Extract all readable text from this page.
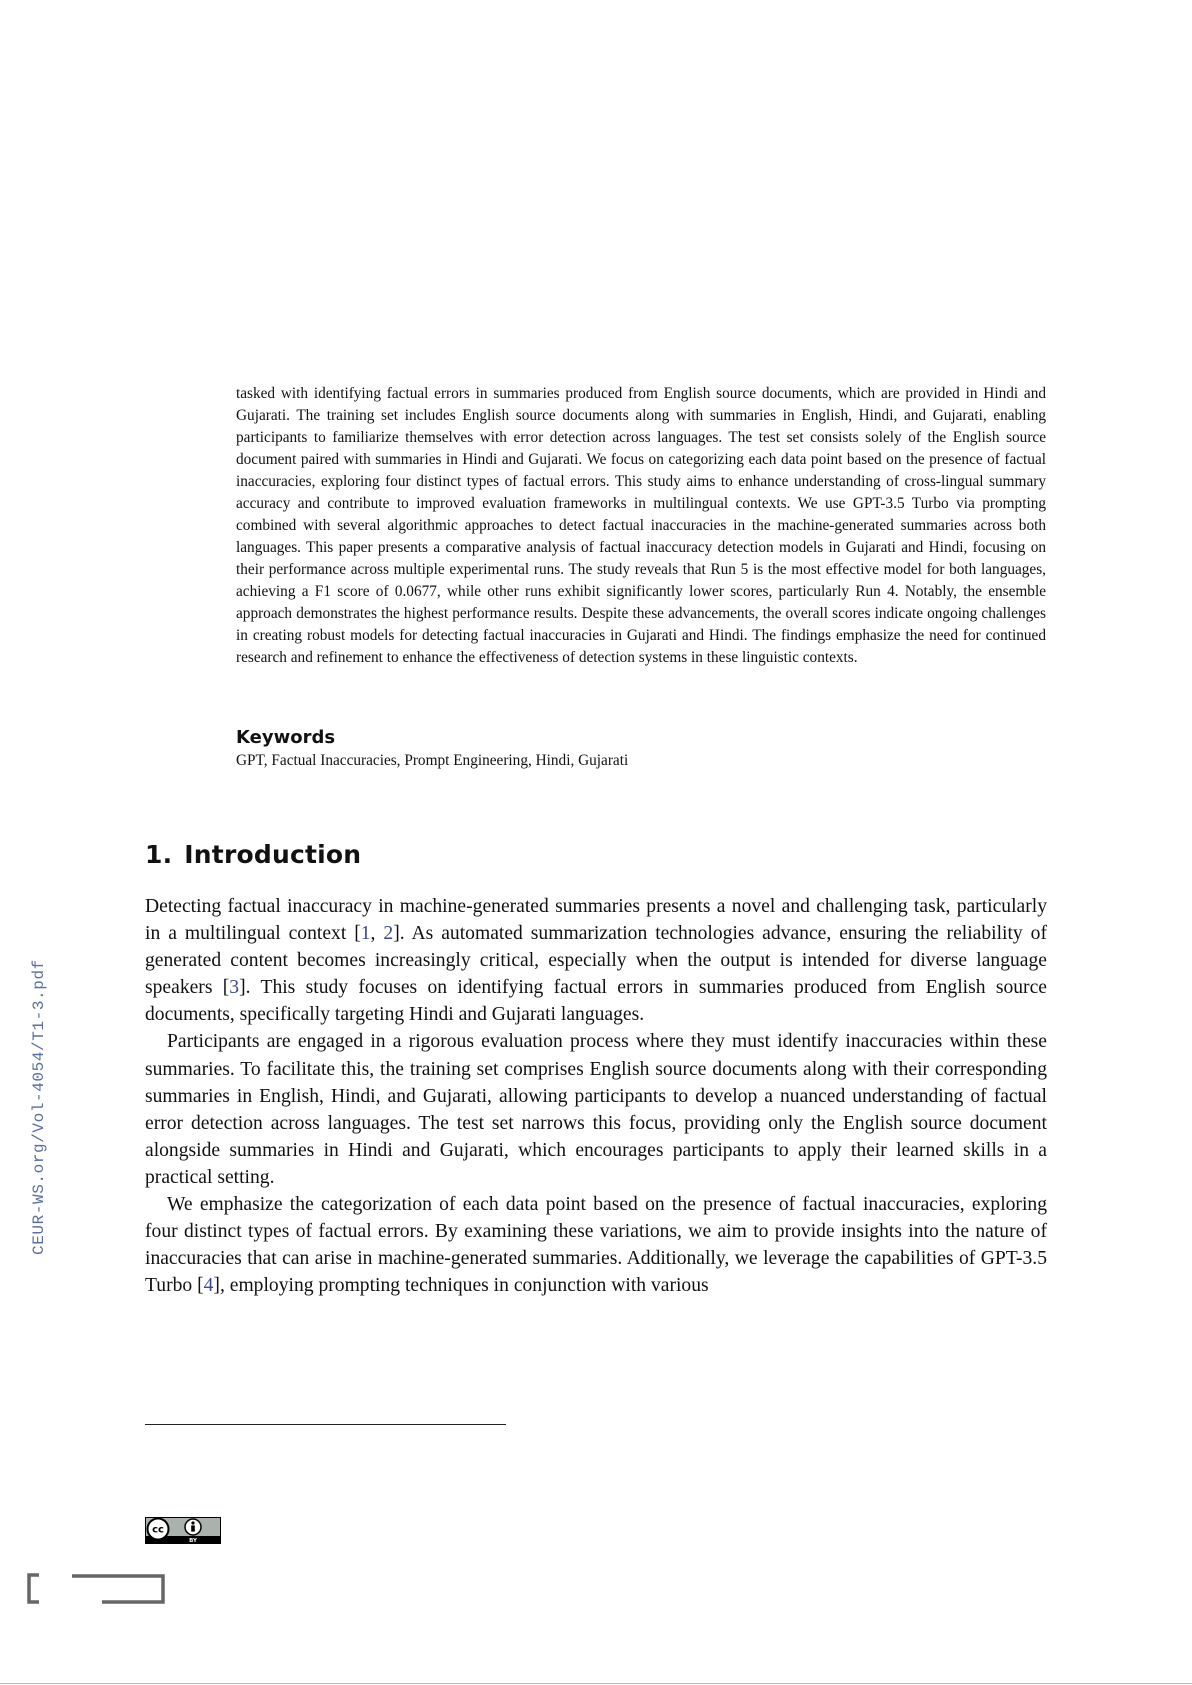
CEUR-WS.org/Vol-4054/T1-3.pdf

tasked with identifying factual errors in summaries produced from English source documents, which are provided in Hindi and Gujarati. The training set includes English source documents along with summaries in English, Hindi, and Gujarati, enabling participants to familiarize themselves with error detection across languages. The test set consists solely of the English source document paired with summaries in Hindi and Gujarati. We focus on categorizing each data point based on the presence of factual inaccuracies, exploring four distinct types of factual errors. This study aims to enhance understanding of cross-lingual summary accuracy and contribute to improved evaluation frameworks in multilingual contexts. We use GPT-3.5 Turbo via prompting combined with several algorithmic approaches to detect factual inaccuracies in the machine-generated summaries across both languages. This paper presents a comparative analysis of factual inaccuracy detection models in Gujarati and Hindi, focusing on their performance across multiple experimental runs. The study reveals that Run 5 is the most effective model for both languages, achieving a F1 score of 0.0677, while other runs exhibit significantly lower scores, particularly Run 4. Notably, the ensemble approach demonstrates the highest performance results. Despite these advancements, the overall scores indicate ongoing challenges in creating robust models for detecting factual inaccuracies in Gujarati and Hindi. The findings emphasize the need for continued research and refinement to enhance the effectiveness of detection systems in these linguistic contexts.

Keywords

GPT, Factual Inaccuracies, Prompt Engineering, Hindi, Gujarati

1. Introduction

Detecting factual inaccuracy in machine-generated summaries presents a novel and challenging task, particularly in a multilingual context [1, 2]. As automated summarization technologies advance, ensuring the reliability of generated content becomes increasingly critical, especially when the output is intended for diverse language speakers [3]. This study focuses on identifying factual errors in summaries produced from English source documents, specifically targeting Hindi and Gujarati languages.

Participants are engaged in a rigorous evaluation process where they must identify inaccuracies within these summaries. To facilitate this, the training set comprises English source documents along with their corresponding summaries in English, Hindi, and Gujarati, allowing participants to develop a nuanced understanding of factual error detection across languages. The test set narrows this focus, providing only the English source document alongside summaries in Hindi and Gujarati, which encourages participants to apply their learned skills in a practical setting.

We emphasize the categorization of each data point based on the presence of factual inaccuracies, exploring four distinct types of factual errors. By examining these variations, we aim to provide insights into the nature of inaccuracies that can arise in machine-generated summaries. Additionally, we leverage the capabilities of GPT-3.5 Turbo [4], employing prompting techniques in conjunction with various

cc
BY
